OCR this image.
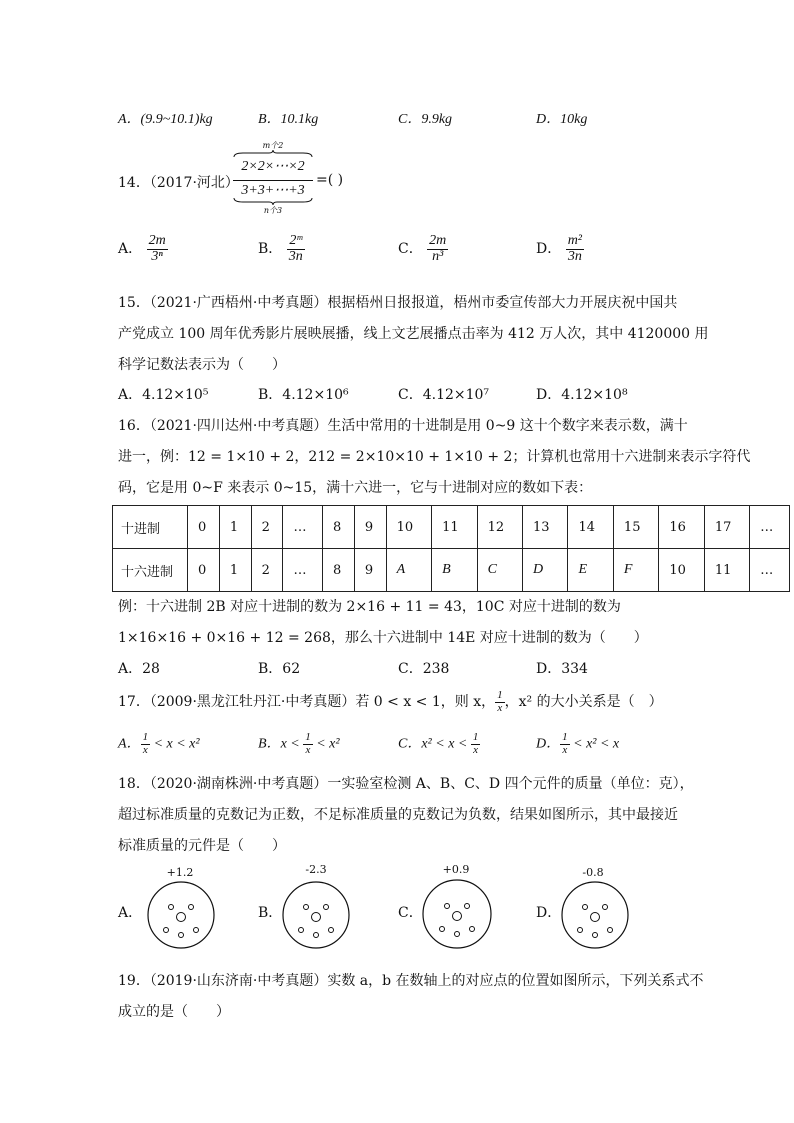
A．(9.9~10.1)kg	B．10.1kg	C．9.9kg	D．10kg
14．（2017·河北）
m个2
2×2×⋯×2
3+3+⋯+3
n个3
=( )
A． $\frac{2m}{\text{3ⁿ}}$	B． $\frac{\text{2ᵐ}}{3n}$	C． $\frac{2m}{\text{n³}}$	D． $\frac{\text{m²}}{3n}$
15．（2021·广西梧州·中考真题）根据梧州日报报道，梧州市委宣传部大力开展庆祝中国共
产党成立 100 周年优秀影片展映展播，线上文艺展播点击率为 412 万人次，其中 4120000 用
科学记数法表示为（　　）
A．4.12×10⁵	B．4.12×10⁶	C．4.12×10⁷	D．4.12×10⁸
16．（2021·四川达州·中考真题）生活中常用的十进制是用 0~9 这十个数字来表示数，满十
进一，例：12 = 1×10 + 2，212 = 2×10×10 + 1×10 + 2；计算机也常用十六进制来表示字符代
码，它是用 0~F 来表示 0~15，满十六进一，它与十进制对应的数如下表：
十进制	0	1	2	…	8	9	10	11	12	13	14	15	16	17	…
十六进制	0	1	2	…	8	9	A	B	C	D	E	F	10	11	…
例：十六进制 2B 对应十进制的数为 2×16 + 11 = 43，10C 对应十进制的数为
1×16×16 + 0×16 + 12 = 268，那么十六进制中 14E 对应十进制的数为（　　）
A．28	B．62	C．238	D．334
17．（2009·黑龙江牡丹江·中考真题）若 0 < x < 1，则 x， $\frac{1}{x}$ ，x² 的大小关系是（　）
A． $\frac{1}{x} < x < x^2$	B．$x < \frac{1}{x} < x^2$	C．$x^2 < x < \frac{1}{x}$	D． $\frac{1}{x} < x^2 < x$
18．（2020·湖南株洲·中考真题）一实验室检测 A、B、C、D 四个元件的质量（单位：克），
超过标准质量的克数记为正数，不足标准质量的克数记为负数，结果如图所示，其中最接近
标准质量的元件是（　　）
A．
+1.2
B．
-2.3
C．
+0.9
D．
-0.8
19．（2019·山东济南·中考真题）实数 a，b 在数轴上的对应点的位置如图所示，下列关系式不
成立的是（　　）
